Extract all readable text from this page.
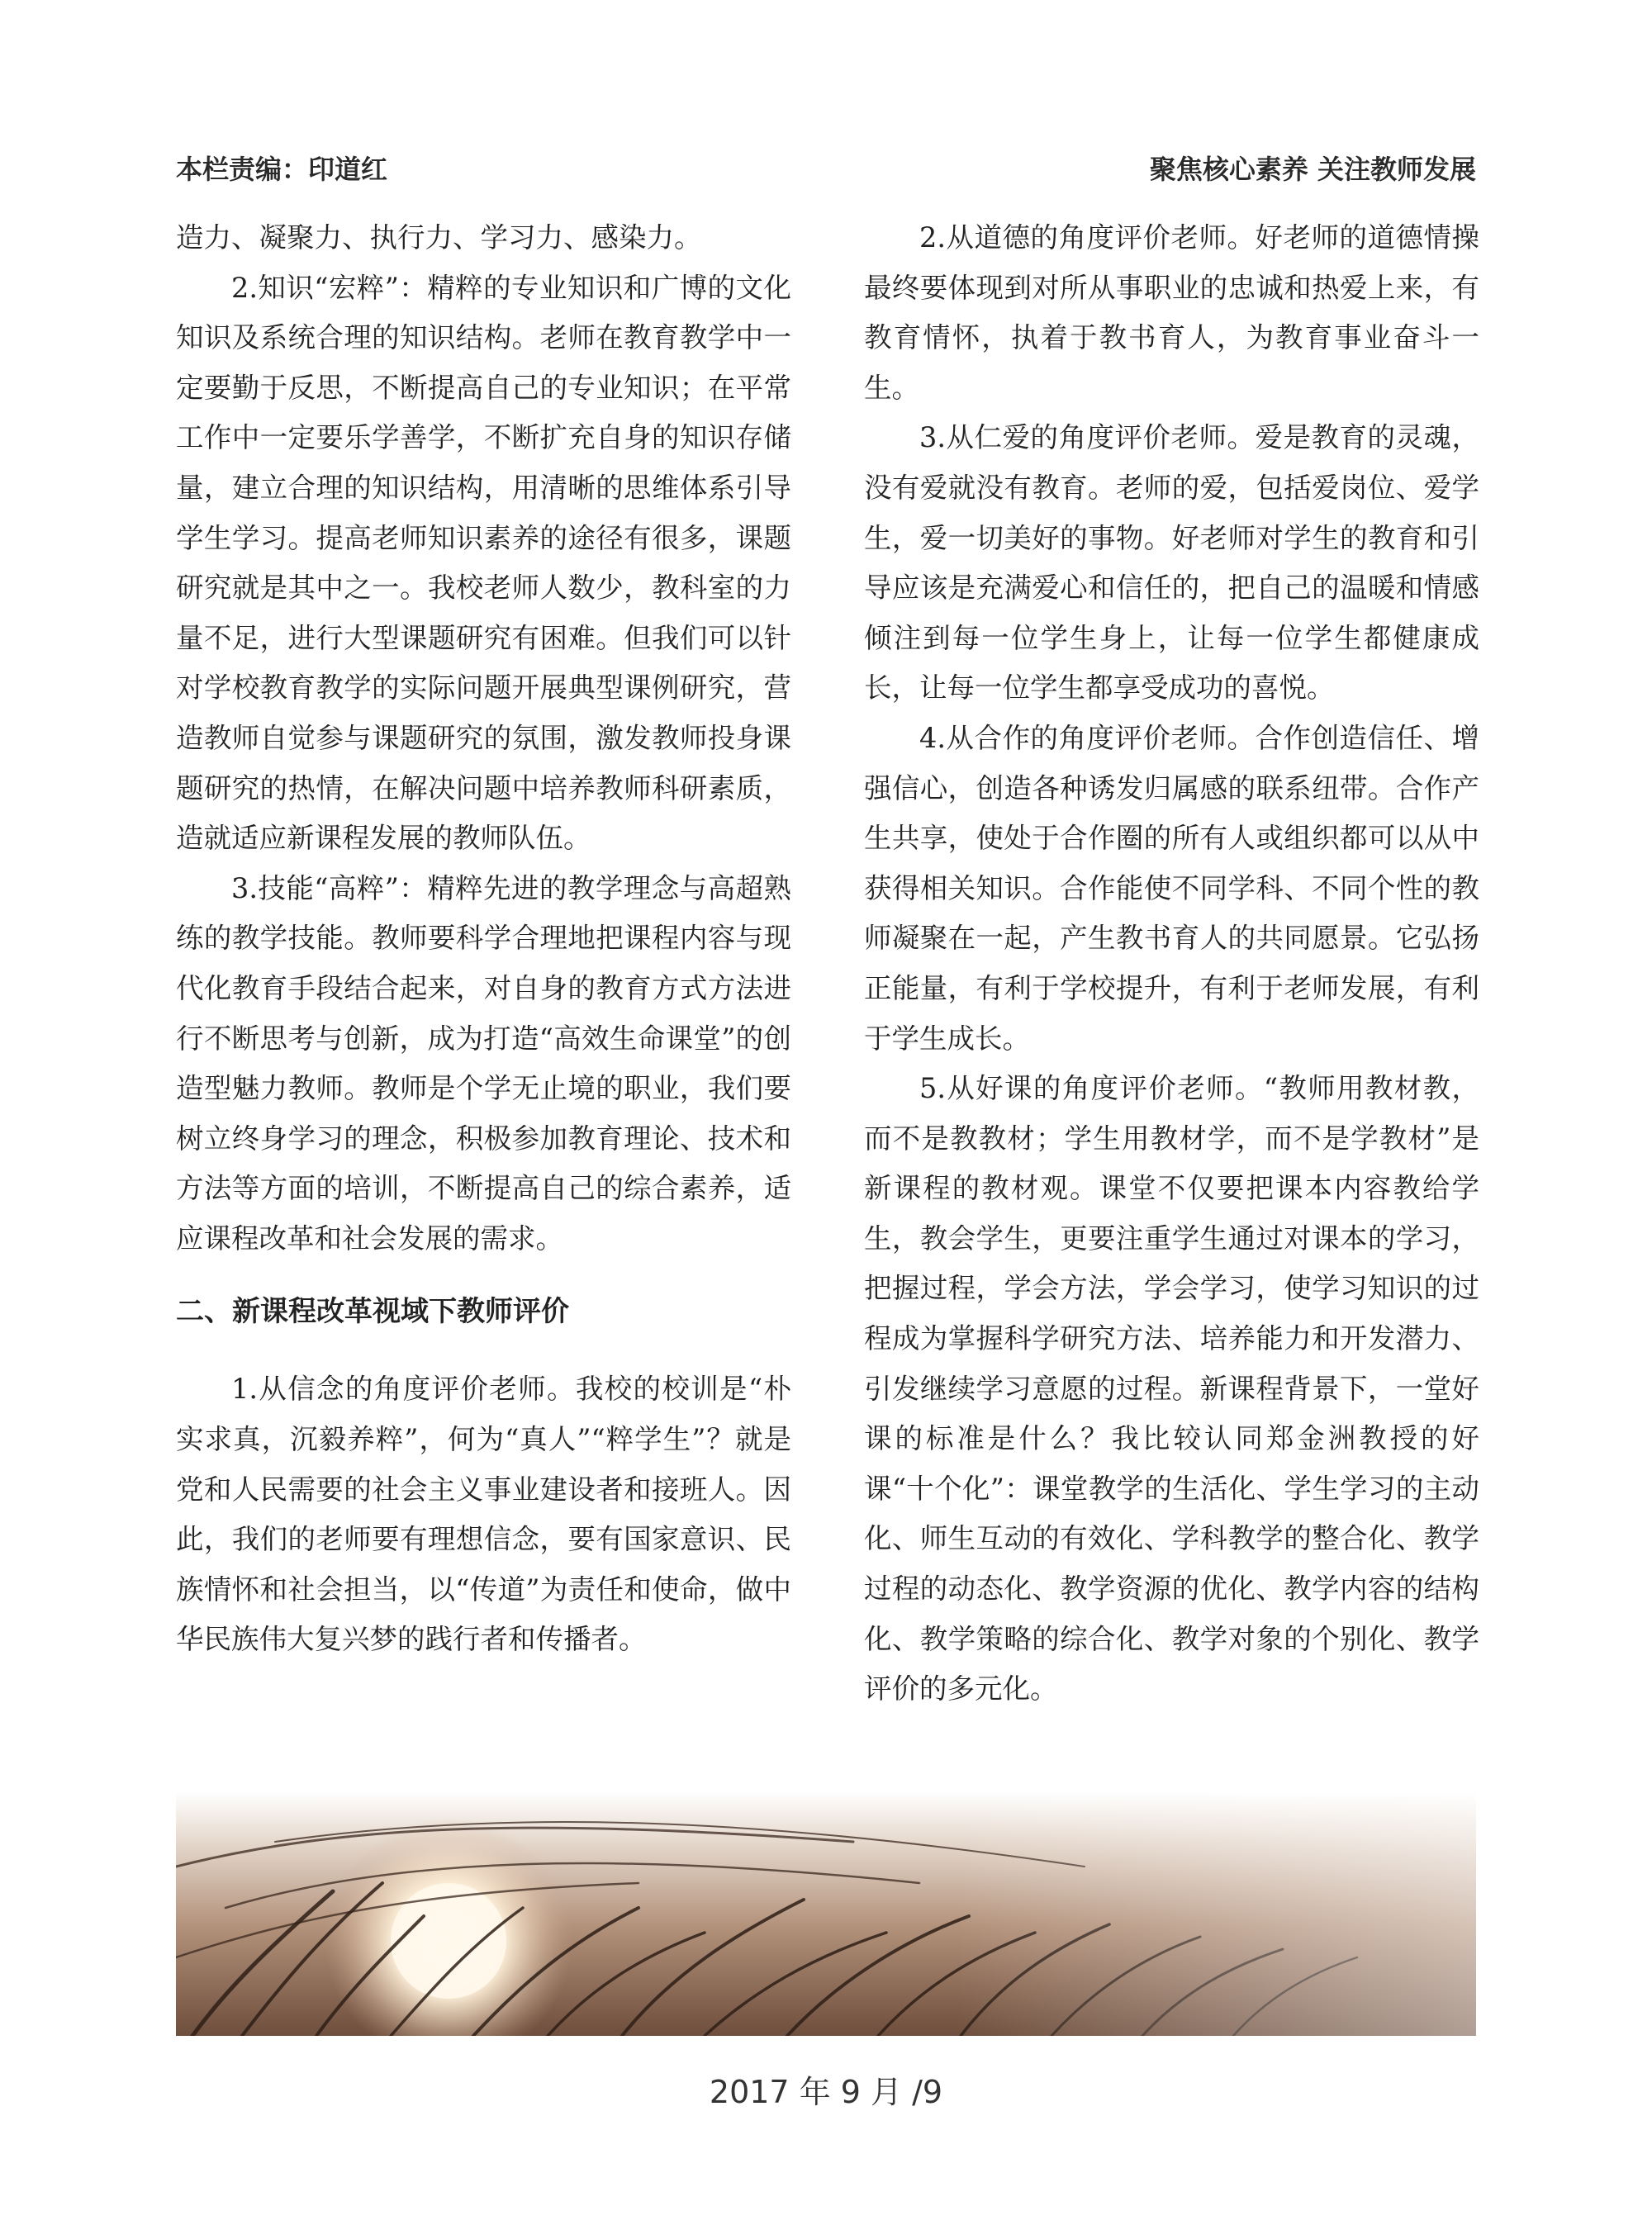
本栏责编：印道红	聚焦核心素养 关注教师发展

造力、凝聚力、执行力、学习力、感染力。

2.知识“宏粹”：精粹的专业知识和广博的文化知识及系统合理的知识结构。老师在教育教学中一定要勤于反思，不断提高自己的专业知识；在平常工作中一定要乐学善学，不断扩充自身的知识存储量，建立合理的知识结构，用清晰的思维体系引导学生学习。提高老师知识素养的途径有很多，课题研究就是其中之一。我校老师人数少，教科室的力量不足，进行大型课题研究有困难。但我们可以针对学校教育教学的实际问题开展典型课例研究，营造教师自觉参与课题研究的氛围，激发教师投身课题研究的热情，在解决问题中培养教师科研素质，造就适应新课程发展的教师队伍。

3.技能“高粹”：精粹先进的教学理念与高超熟练的教学技能。教师要科学合理地把课程内容与现代化教育手段结合起来，对自身的教育方式方法进行不断思考与创新，成为打造“高效生命课堂”的创造型魅力教师。教师是个学无止境的职业，我们要树立终身学习的理念，积极参加教育理论、技术和方法等方面的培训，不断提高自己的综合素养，适应课程改革和社会发展的需求。

二、新课程改革视域下教师评价

1.从信念的角度评价老师。我校的校训是“朴实求真，沉毅养粹”，何为“真人”“粹学生”？就是党和人民需要的社会主义事业建设者和接班人。因此，我们的老师要有理想信念，要有国家意识、民族情怀和社会担当，以“传道”为责任和使命，做中华民族伟大复兴梦的践行者和传播者。

2.从道德的角度评价老师。好老师的道德情操最终要体现到对所从事职业的忠诚和热爱上来，有教育情怀，执着于教书育人，为教育事业奋斗一生。

3.从仁爱的角度评价老师。爱是教育的灵魂，没有爱就没有教育。老师的爱，包括爱岗位、爱学生，爱一切美好的事物。好老师对学生的教育和引导应该是充满爱心和信任的，把自己的温暖和情感倾注到每一位学生身上，让每一位学生都健康成长，让每一位学生都享受成功的喜悦。

4.从合作的角度评价老师。合作创造信任、增强信心，创造各种诱发归属感的联系纽带。合作产生共享，使处于合作圈的所有人或组织都可以从中获得相关知识。合作能使不同学科、不同个性的教师凝聚在一起，产生教书育人的共同愿景。它弘扬正能量，有利于学校提升，有利于老师发展，有利于学生成长。

5.从好课的角度评价老师。“教师用教材教，而不是教教材；学生用教材学，而不是学教材”是新课程的教材观。课堂不仅要把课本内容教给学生，教会学生，更要注重学生通过对课本的学习，把握过程，学会方法，学会学习，使学习知识的过程成为掌握科学研究方法、培养能力和开发潜力、引发继续学习意愿的过程。新课程背景下，一堂好课的标准是什么？我比较认同郑金洲教授的好课“十个化”：课堂教学的生活化、学生学习的主动化、师生互动的有效化、学科教学的整合化、教学过程的动态化、教学资源的优化、教学内容的结构化、教学策略的综合化、教学对象的个别化、教学评价的多元化。

2017 年 9 月 /9
